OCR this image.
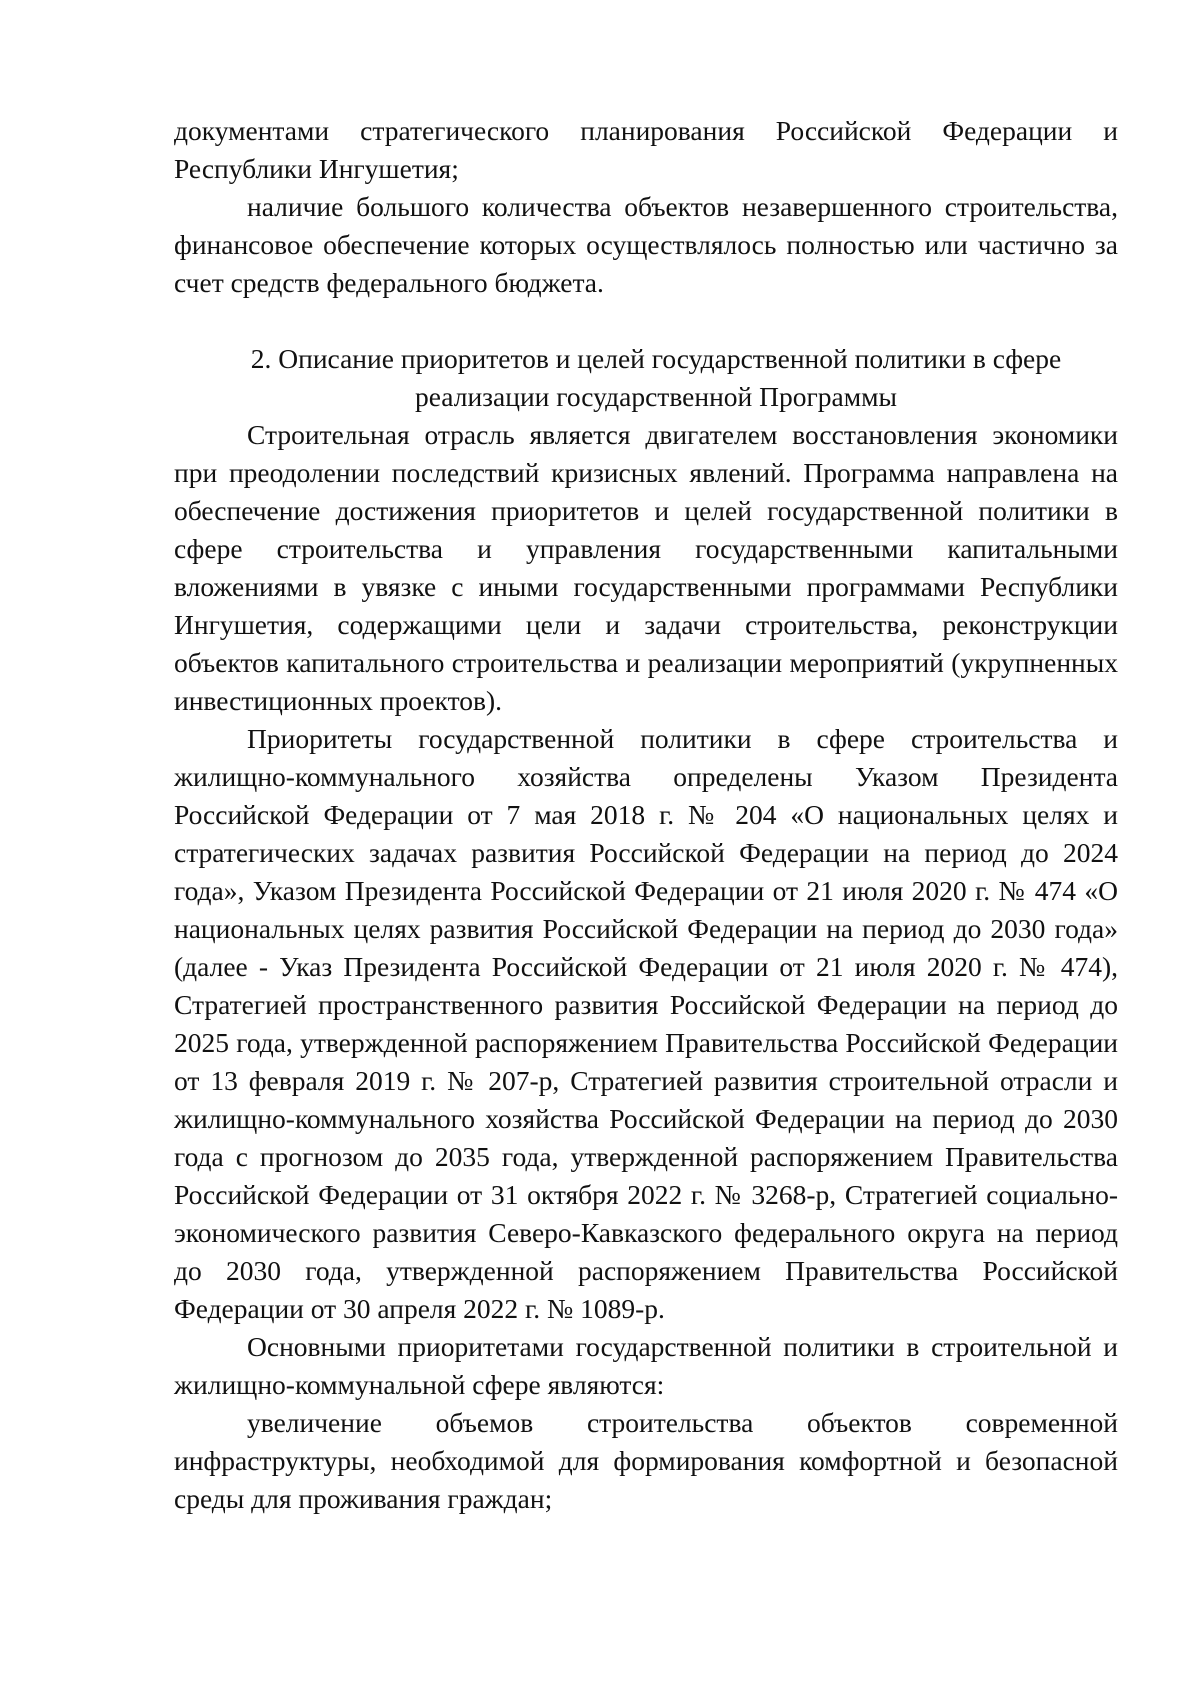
документами стратегического планирования Российской Федерации и Республики Ингушетия;

наличие большого количества объектов незавершенного строительства, финансовое обеспечение которых осуществлялось полностью или частично за счет средств федерального бюджета.

2. Описание приоритетов и целей государственной политики в сфере реализации государственной Программы

Строительная отрасль является двигателем восстановления экономики при преодолении последствий кризисных явлений. Программа направлена на обеспечение достижения приоритетов и целей государственной политики в сфере строительства и управления государственными капитальными вложениями в увязке с иными государственными программами Республики Ингушетия, содержащими цели и задачи строительства, реконструкции объектов капитального строительства и реализации мероприятий (укрупненных инвестиционных проектов).

Приоритеты государственной политики в сфере строительства и жилищно-коммунального хозяйства определены Указом Президента Российской Федерации от 7 мая 2018 г. № 204 «О национальных целях и стратегических задачах развития Российской Федерации на период до 2024 года», Указом Президента Российской Федерации от 21 июля 2020 г. № 474 «О национальных целях развития Российской Федерации на период до 2030 года» (далее - Указ Президента Российской Федерации от 21 июля 2020 г. № 474), Стратегией пространственного развития Российской Федерации на период до 2025 года, утвержденной распоряжением Правительства Российской Федерации от 13 февраля 2019 г. № 207-р, Стратегией развития строительной отрасли и жилищно-коммунального хозяйства Российской Федерации на период до 2030 года с прогнозом до 2035 года, утвержденной распоряжением Правительства Российской Федерации от 31 октября 2022 г. № 3268-р, Стратегией социально-экономического развития Северо-Кавказского федерального округа на период до 2030 года, утвержденной распоряжением Правительства Российской Федерации от 30 апреля 2022 г. № 1089-р.

Основными приоритетами государственной политики в строительной и жилищно-коммунальной сфере являются:

увеличение объемов строительства объектов современной инфраструктуры, необходимой для формирования комфортной и безопасной среды для проживания граждан;
